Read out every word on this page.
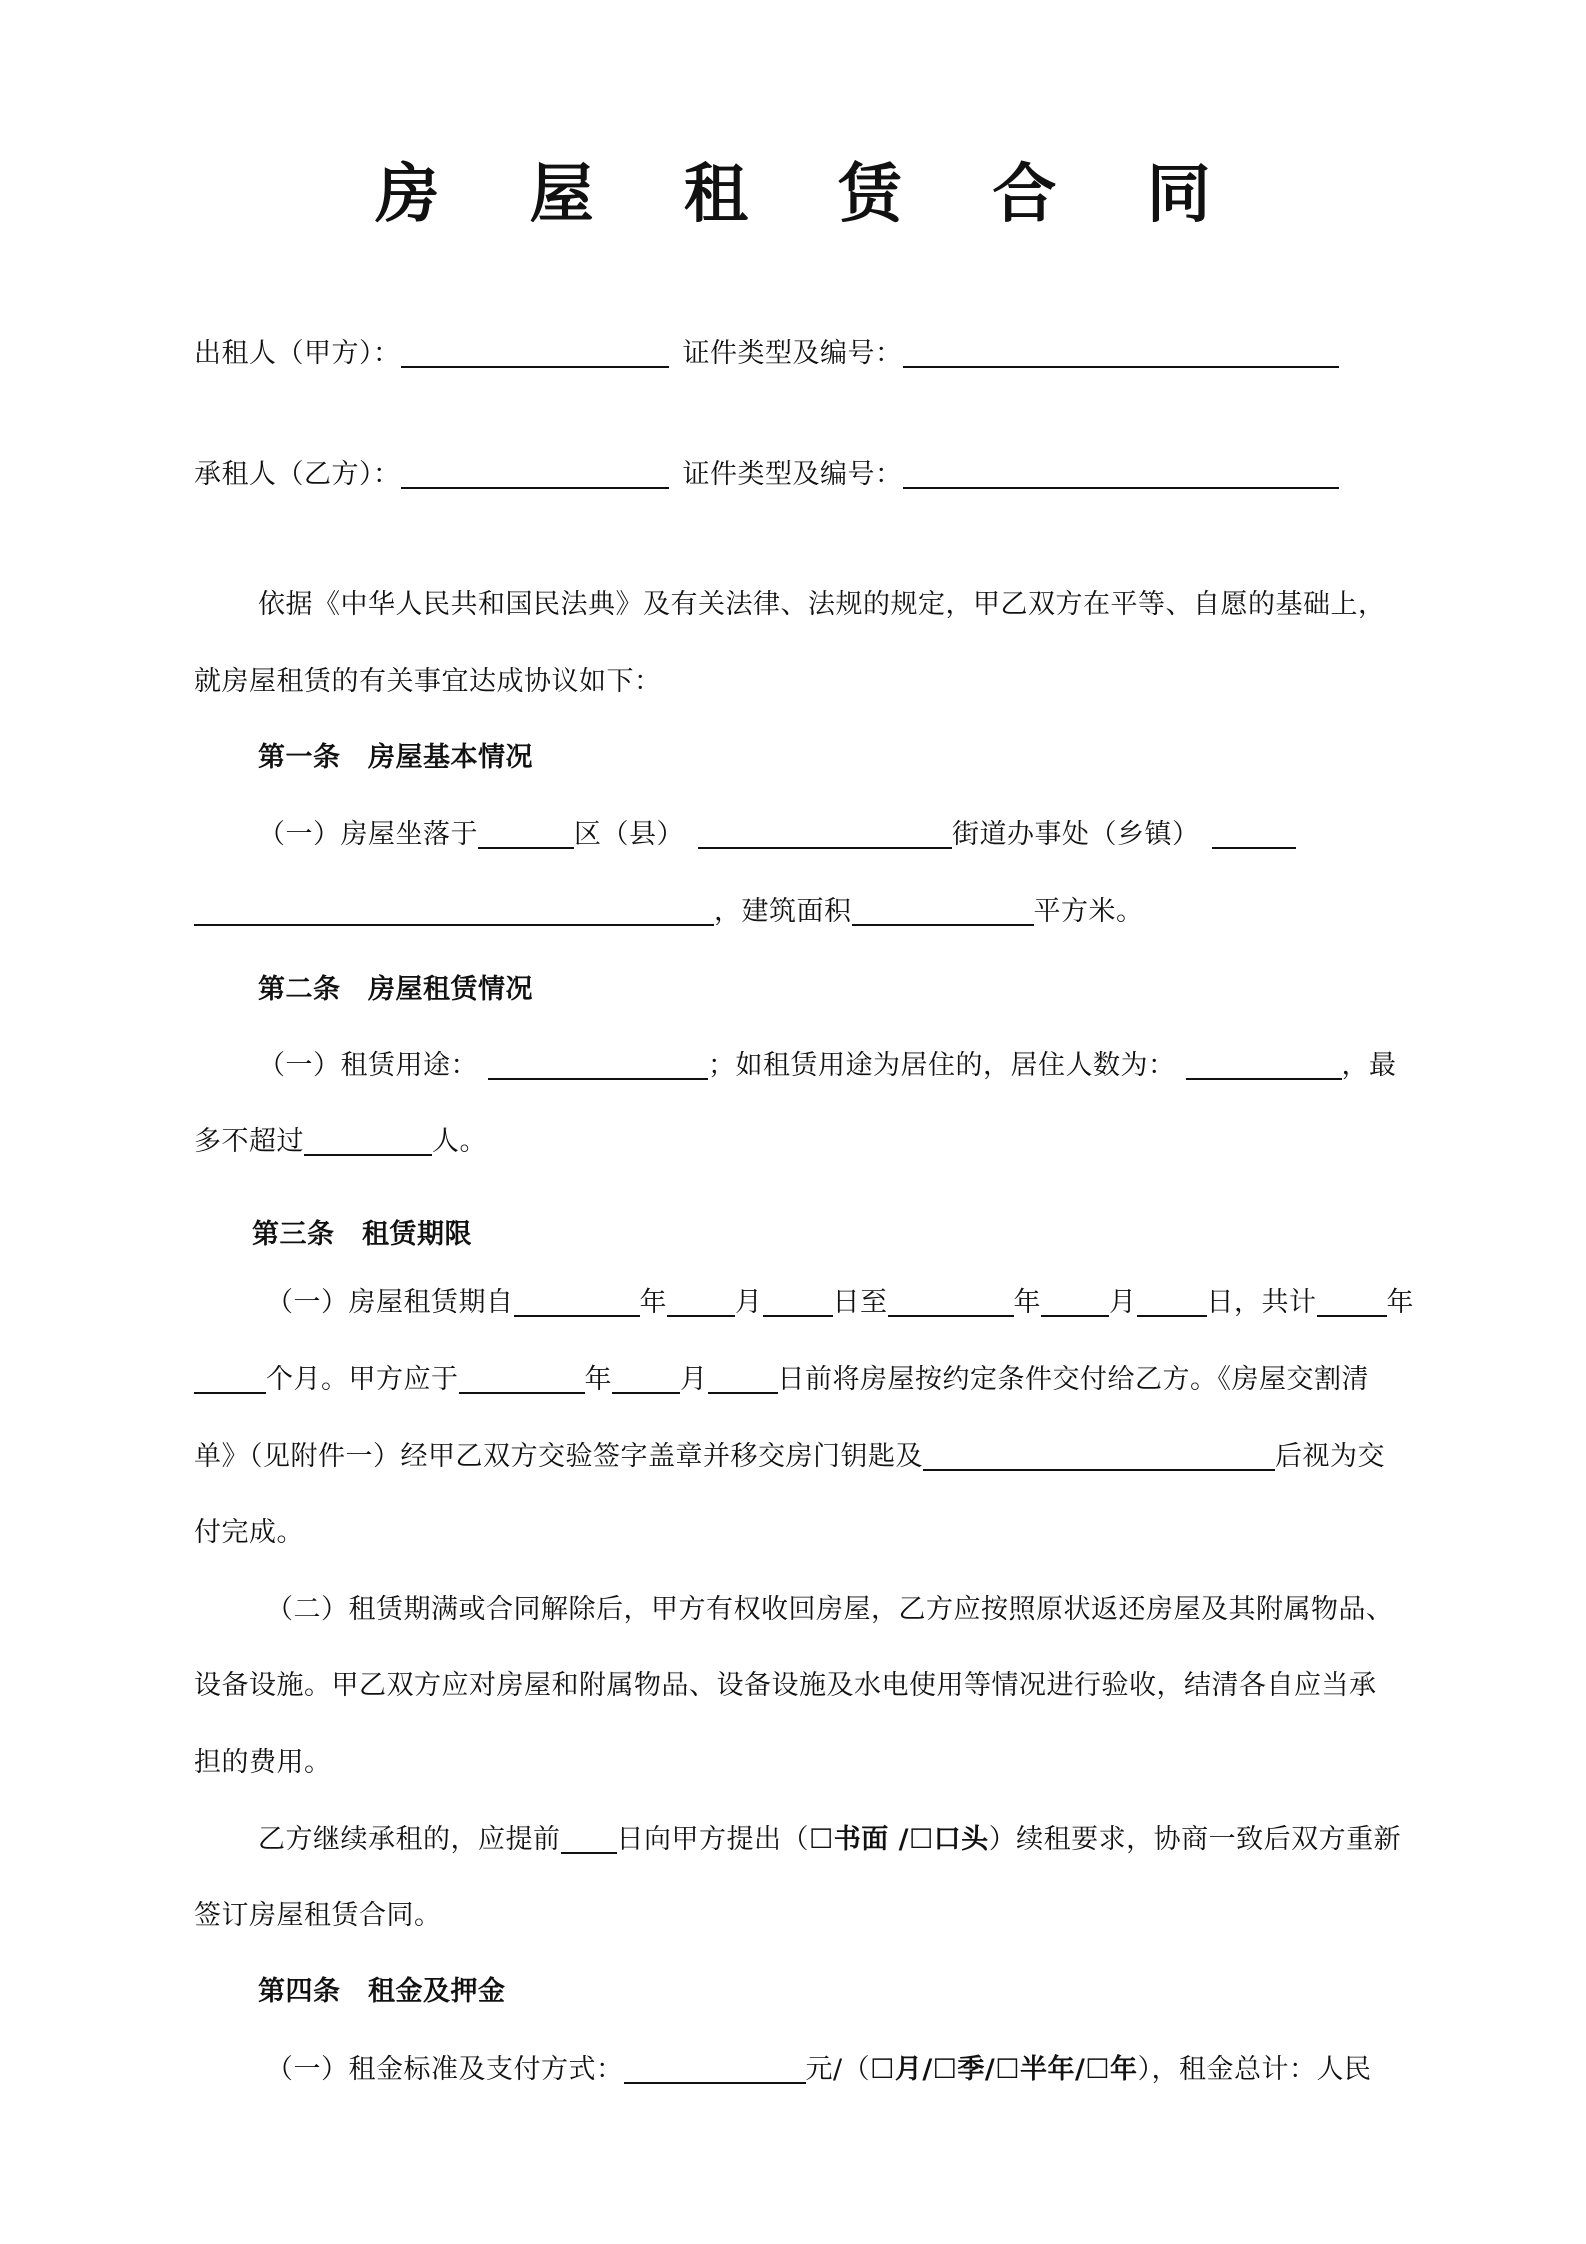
房 屋 租 赁 合 同
出租人（甲方）：	证件类型及编号：
承租人（乙方）：	证件类型及编号：
依据《中华人民共和国民法典》及有关法律、法规的规定，甲乙双方在平等、自愿的基础上，
就房屋租赁的有关事宜达成协议如下：
第一条　房屋基本情况
（一）房屋坐落于	区（县）	街道办事处（乡镇）
，建筑面积	平方米。
第二条　房屋租赁情况
（一）租赁用途：	；如租赁用途为居住的，居住人数为：	，最
多不超过	人。
第三条　租赁期限
（一）房屋租赁期自	年	月	日至	年	月	日，共计	年
个月。甲方应于	年	月	日前将房屋按约定条件交付给乙方。《房屋交割清
单》（见附件一）经甲乙双方交验签字盖章并移交房门钥匙及	后视为交
付完成。
（二）租赁期满或合同解除后，甲方有权收回房屋，乙方应按照原状返还房屋及其附属物品、
设备设施。甲乙双方应对房屋和附属物品、设备设施及水电使用等情况进行验收，结清各自应当承
担的费用。
乙方继续承租的，应提前 日向甲方提出（☐书面 /☐口头）续租要求，协商一致后双方重新
签订房屋租赁合同。
第四条　租金及押金
（一）租金标准及支付方式：	元/（☐月/☐季/☐半年/☐年），租金总计：人民
